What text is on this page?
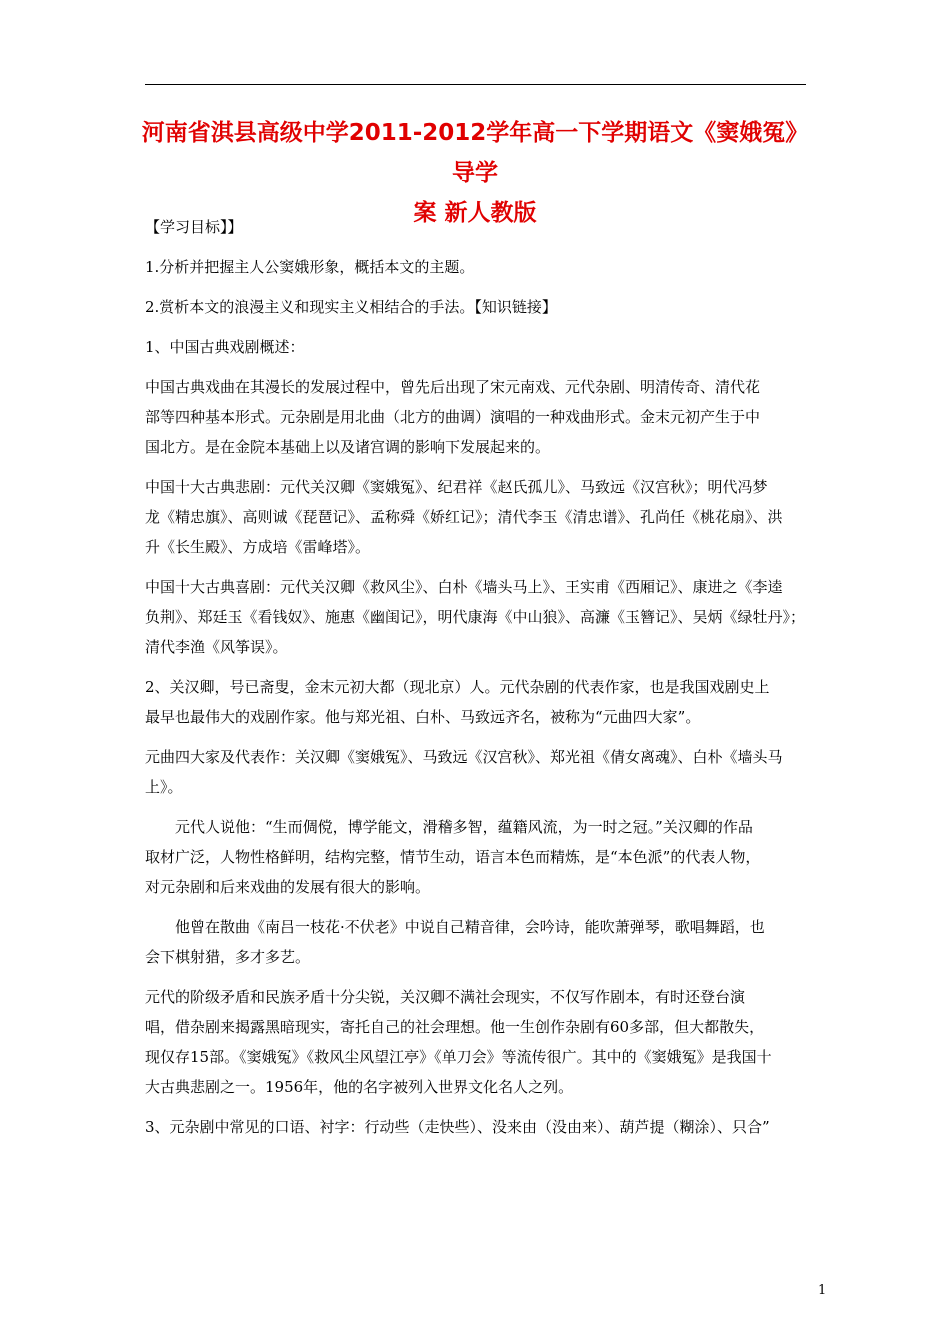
河南省淇县高级中学2011-2012学年高一下学期语文《窦娥冤》导学
案 新人教版
【学习目标】】
1.分析并把握主人公窦娥形象，概括本文的主题。
2.赏析本文的浪漫主义和现实主义相结合的手法。【知识链接】
1、中国古典戏剧概述：
中国古典戏曲在其漫长的发展过程中，曾先后出现了宋元南戏、元代杂剧、明清传奇、清代花
部等四种基本形式。元杂剧是用北曲（北方的曲调）演唱的一种戏曲形式。金末元初产生于中
国北方。是在金院本基础上以及诸宫调的影响下发展起来的。
中国十大古典悲剧：元代关汉卿《窦娥冤》、纪君祥《赵氏孤儿》、马致远《汉宫秋》；明代冯梦
龙《精忠旗》、高则诚《琵琶记》、孟称舜《娇红记》；清代李玉《清忠谱》、孔尚任《桃花扇》、洪
升《长生殿》、方成培《雷峰塔》。
中国十大古典喜剧：元代关汉卿《救风尘》、白朴《墙头马上》、王实甫《西厢记》、康进之《李逵
负荆》、郑廷玉《看钱奴》、施惠《幽闺记》，明代康海《中山狼》、高濂《玉簪记》、吴炳《绿牡丹》；
清代李渔《风筝误》。
2、关汉卿，号已斋叟，金末元初大都（现北京）人。元代杂剧的代表作家，也是我国戏剧史上
最早也最伟大的戏剧作家。他与郑光祖、白朴、马致远齐名，被称为“元曲四大家”。
元曲四大家及代表作：关汉卿《窦娥冤》、马致远《汉宫秋》、郑光祖《倩女离魂》、白朴《墙头马
上》。
元代人说他：“生而倜傥，博学能文，滑稽多智，蕴籍风流，为一时之冠。”关汉卿的作品
取材广泛，人物性格鲜明，结构完整，情节生动，语言本色而精炼，是“本色派”的代表人物，
对元杂剧和后来戏曲的发展有很大的影响。
他曾在散曲《南吕一枝花·不伏老》中说自己精音律，会吟诗，能吹萧弹琴，歌唱舞蹈，也
会下棋射猎，多才多艺。
元代的阶级矛盾和民族矛盾十分尖锐，关汉卿不满社会现实，不仅写作剧本，有时还登台演
唱，借杂剧来揭露黑暗现实，寄托自己的社会理想。他一生创作杂剧有60多部，但大都散失，
现仅存15部。《窦娥冤》《救风尘风望江亭》《单刀会》等流传很广。其中的《窦娥冤》是我国十
大古典悲剧之一。1956年，他的名字被列入世界文化名人之列。
3、元杂剧中常见的口语、衬字：行动些（走快些）、没来由（没由来）、葫芦提（糊涂）、只合”
1
